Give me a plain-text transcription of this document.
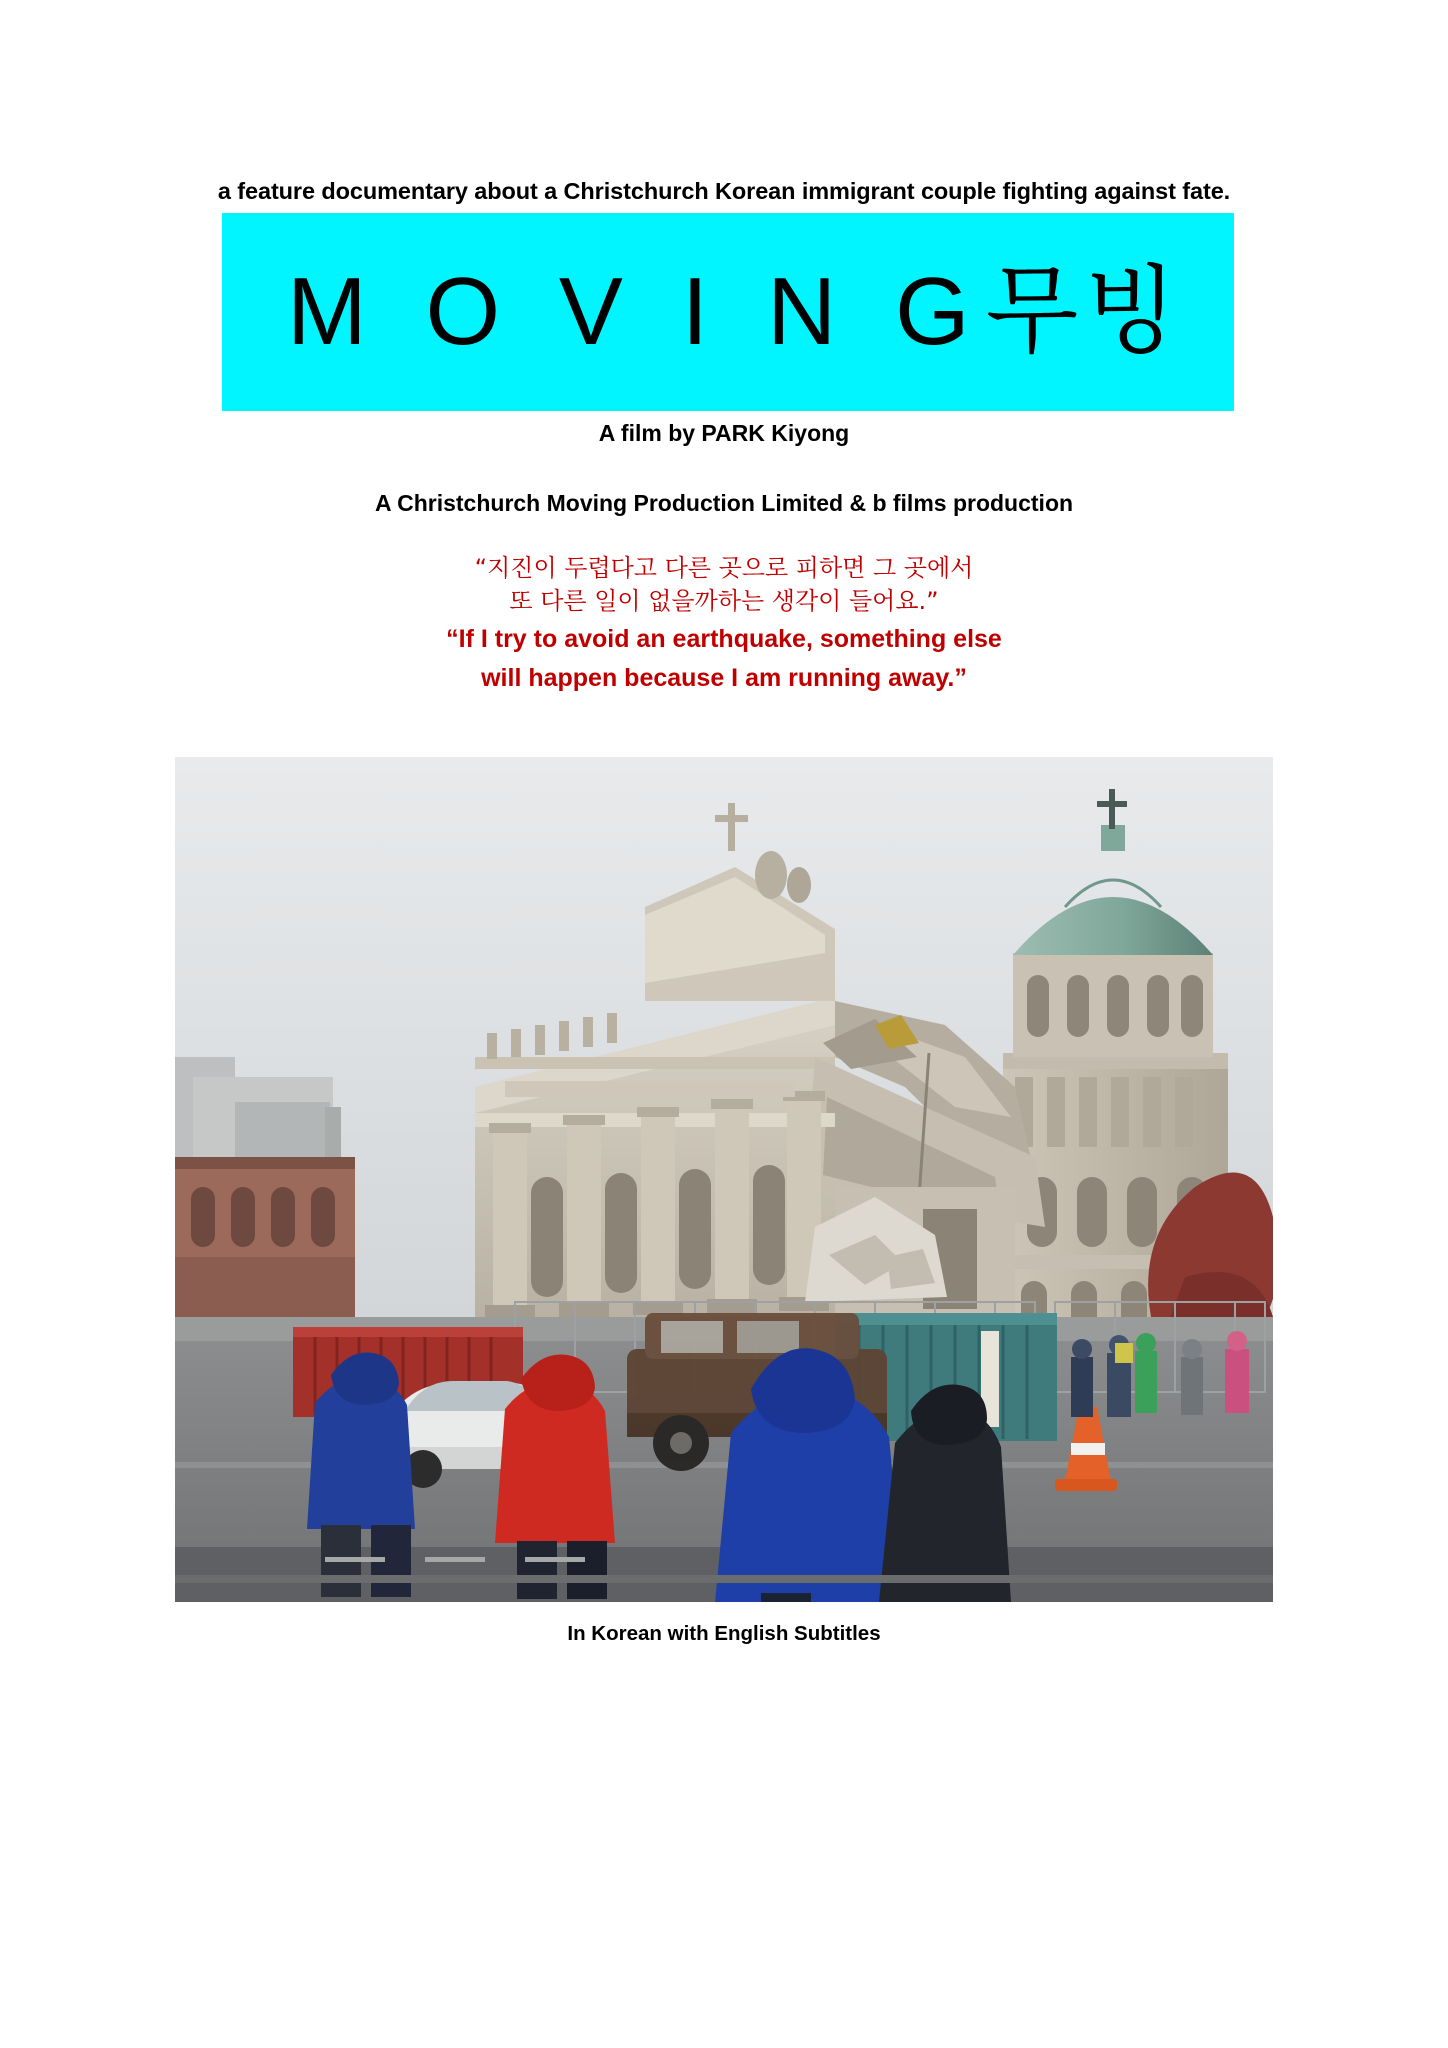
a feature documentary about a Christchurch Korean immigrant couple fighting against fate.
M O V I N G무빙
A film by PARK Kiyong
A Christchurch Moving Production Limited & b films production
“지진이 두렵다고 다른 곳으로 피하면 그 곳에서
또 다른 일이 없을까하는 생각이 들어요.”
“If I try to avoid an earthquake, something else
will happen because I am running away.”
In Korean with English Subtitles
